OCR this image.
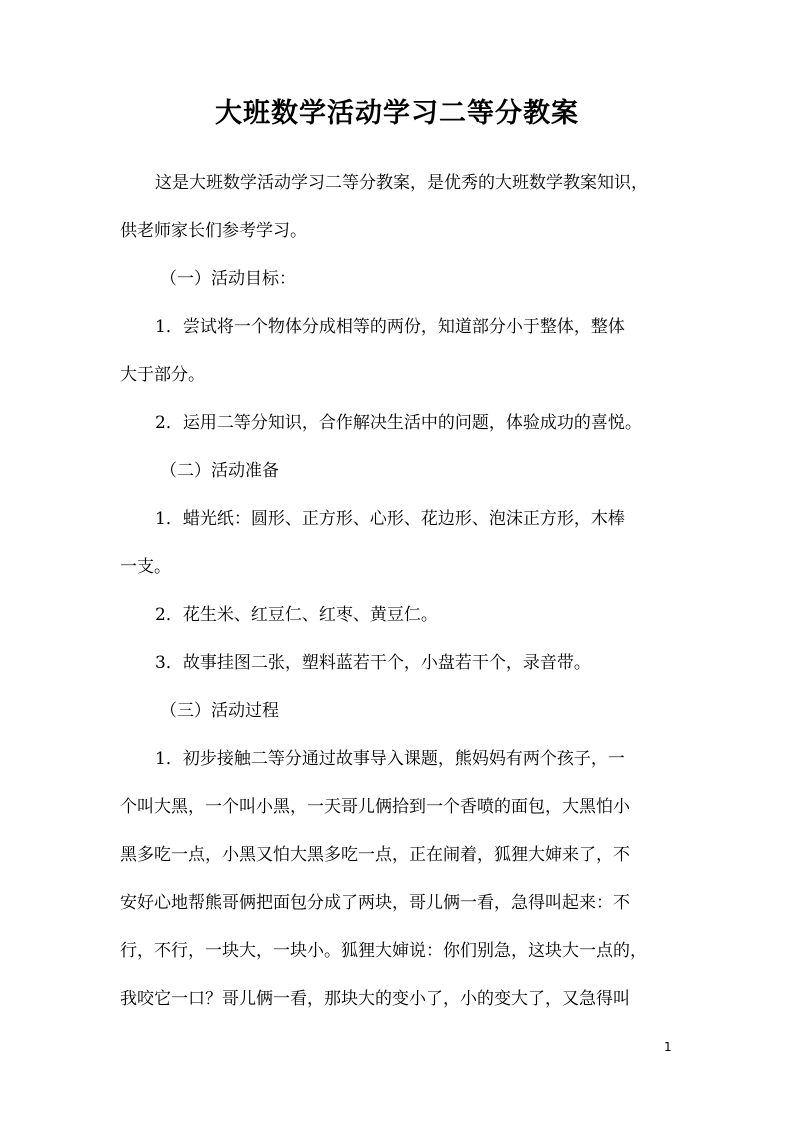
大班数学活动学习二等分教案
这是大班数学活动学习二等分教案，是优秀的大班数学教案知识，
供老师家长们参考学习。
（一）活动目标：
1．尝试将一个物体分成相等的两份，知道部分小于整体，整体
大于部分。
2．运用二等分知识，合作解决生活中的问题，体验成功的喜悦。
（二）活动准备
1．蜡光纸：圆形、正方形、心形、花边形、泡沫正方形，木棒
一支。
2．花生米、红豆仁、红枣、黄豆仁。
3．故事挂图二张，塑料蓝若干个，小盘若干个，录音带。
（三）活动过程
1．初步接触二等分通过故事导入课题，熊妈妈有两个孩子，一
个叫大黑，一个叫小黑，一天哥儿俩拾到一个香喷的面包，大黑怕小
黑多吃一点，小黑又怕大黑多吃一点，正在闹着，狐狸大婶来了，不
安好心地帮熊哥俩把面包分成了两块，哥儿俩一看，急得叫起来：不
行，不行，一块大，一块小。狐狸大婶说：你们别急，这块大一点的，
我咬它一口？哥儿俩一看，那块大的变小了，小的变大了，又急得叫
1
